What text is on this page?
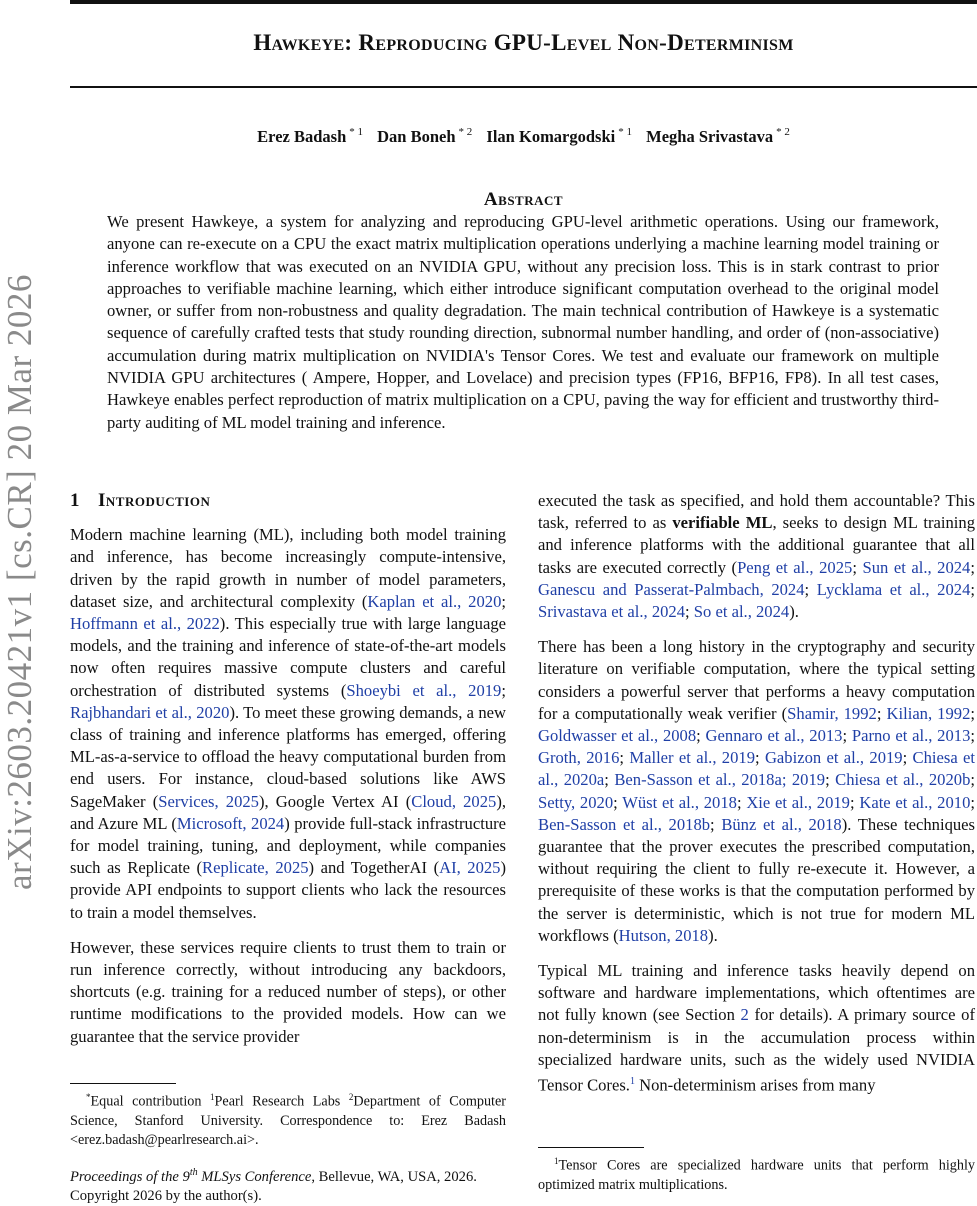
Hawkeye: Reproducing GPU-Level Non-Determinism
Erez Badash $^{* 1}$ Dan Boneh $^{* 2}$ Ilan Komargodski $^{* 1}$ Megha Srivastava $^{* 2}$
Abstract
We present Hawkeye, a system for analyzing and reproducing GPU-level arithmetic operations. Using our framework, anyone can re-execute on a CPU the exact matrix multiplication operations underlying a machine learning model training or inference workflow that was executed on an NVIDIA GPU, without any precision loss. This is in stark contrast to prior approaches to verifiable machine learning, which either introduce significant computation overhead to the original model owner, or suffer from non-robustness and quality degradation. The main technical contribution of Hawkeye is a systematic sequence of carefully crafted tests that study rounding direction, subnormal number handling, and order of (non-associative) accumulation during matrix multiplication on NVIDIA's Tensor Cores. We test and evaluate our framework on multiple NVIDIA GPU architectures ( Ampere, Hopper, and Lovelace) and precision types (FP16, BFP16, FP8). In all test cases, Hawkeye enables perfect reproduction of matrix multiplication on a CPU, paving the way for efficient and trustworthy third-party auditing of ML model training and inference.
arXiv:2603.20421v1 [cs.CR] 20 Mar 2026 1 Introduction

Modern machine learning (ML), including both model training and inference, has become increasingly compute-intensive, driven by the rapid growth in number of model parameters, dataset size, and architectural complexity (Kaplan et al., 2020; Hoffmann et al., 2022). This especially true with large language models, and the training and inference of state-of-the-art models now often requires massive compute clusters and careful orchestration of distributed systems (Shoeybi et al., 2019; Rajbhandari et al., 2020). To meet these growing demands, a new class of training and inference platforms has emerged, offering ML-as-a-service to offload the heavy computational burden from end users. For instance, cloud-based solutions like AWS SageMaker (Services, 2025), Google Vertex AI (Cloud, 2025), and Azure ML (Microsoft, 2024) provide full-stack infrastructure for model training, tuning, and deployment, while companies such as Replicate (Replicate, 2025) and TogetherAI (AI, 2025) provide API endpoints to support clients who lack the resources to train a model themselves.

However, these services require clients to trust them to train or run inference correctly, without introducing any backdoors, shortcuts (e.g. training for a reduced number of steps), or other runtime modifications to the provided models. How can we guarantee that the service provider

executed the task as specified, and hold them accountable? This task, referred to as verifiable ML, seeks to design ML training and inference platforms with the additional guarantee that all tasks are executed correctly (Peng et al., 2025; Sun et al., 2024; Ganescu and Passerat-Palmbach, 2024; Lycklama et al., 2024; Srivastava et al., 2024; So et al., 2024).

There has been a long history in the cryptography and security literature on verifiable computation, where the typical setting considers a powerful server that performs a heavy computation for a computationally weak verifier (Shamir, 1992; Kilian, 1992; Goldwasser et al., 2008; Gennaro et al., 2013; Parno et al., 2013; Groth, 2016; Maller et al., 2019; Gabizon et al., 2019; Chiesa et al., 2020a; Ben-Sasson et al., 2018a; 2019; Chiesa et al., 2020b; Setty, 2020; Wüst et al., 2018; Xie et al., 2019; Kate et al., 2010; Ben-Sasson et al., 2018b; Bünz et al., 2018). These techniques guarantee that the prover executes the prescribed computation, without requiring the client to fully re-execute it. However, a prerequisite of these works is that the computation performed by the server is deterministic, which is not true for modern ML workflows (Hutson, 2018).

Typical ML training and inference tasks heavily depend on software and hardware implementations, which oftentimes are not fully known (see Section 2 for details). A primary source of non-determinism is in the accumulation process within specialized hardware units, such as the widely used NVIDIA Tensor Cores.$^1$ Non-determinism arises from many

*Equal contribution $^1$Pearl Research Labs $^2$Department of Computer Science, Stanford University. Correspondence to: Erez Badash <erez.badash@pearlresearch.ai>.
Proceedings of the 9th MLSys Conference, Bellevue, WA, USA, 2026. Copyright 2026 by the author(s).
$^1$Tensor Cores are specialized hardware units that perform highly optimized matrix multiplications.
